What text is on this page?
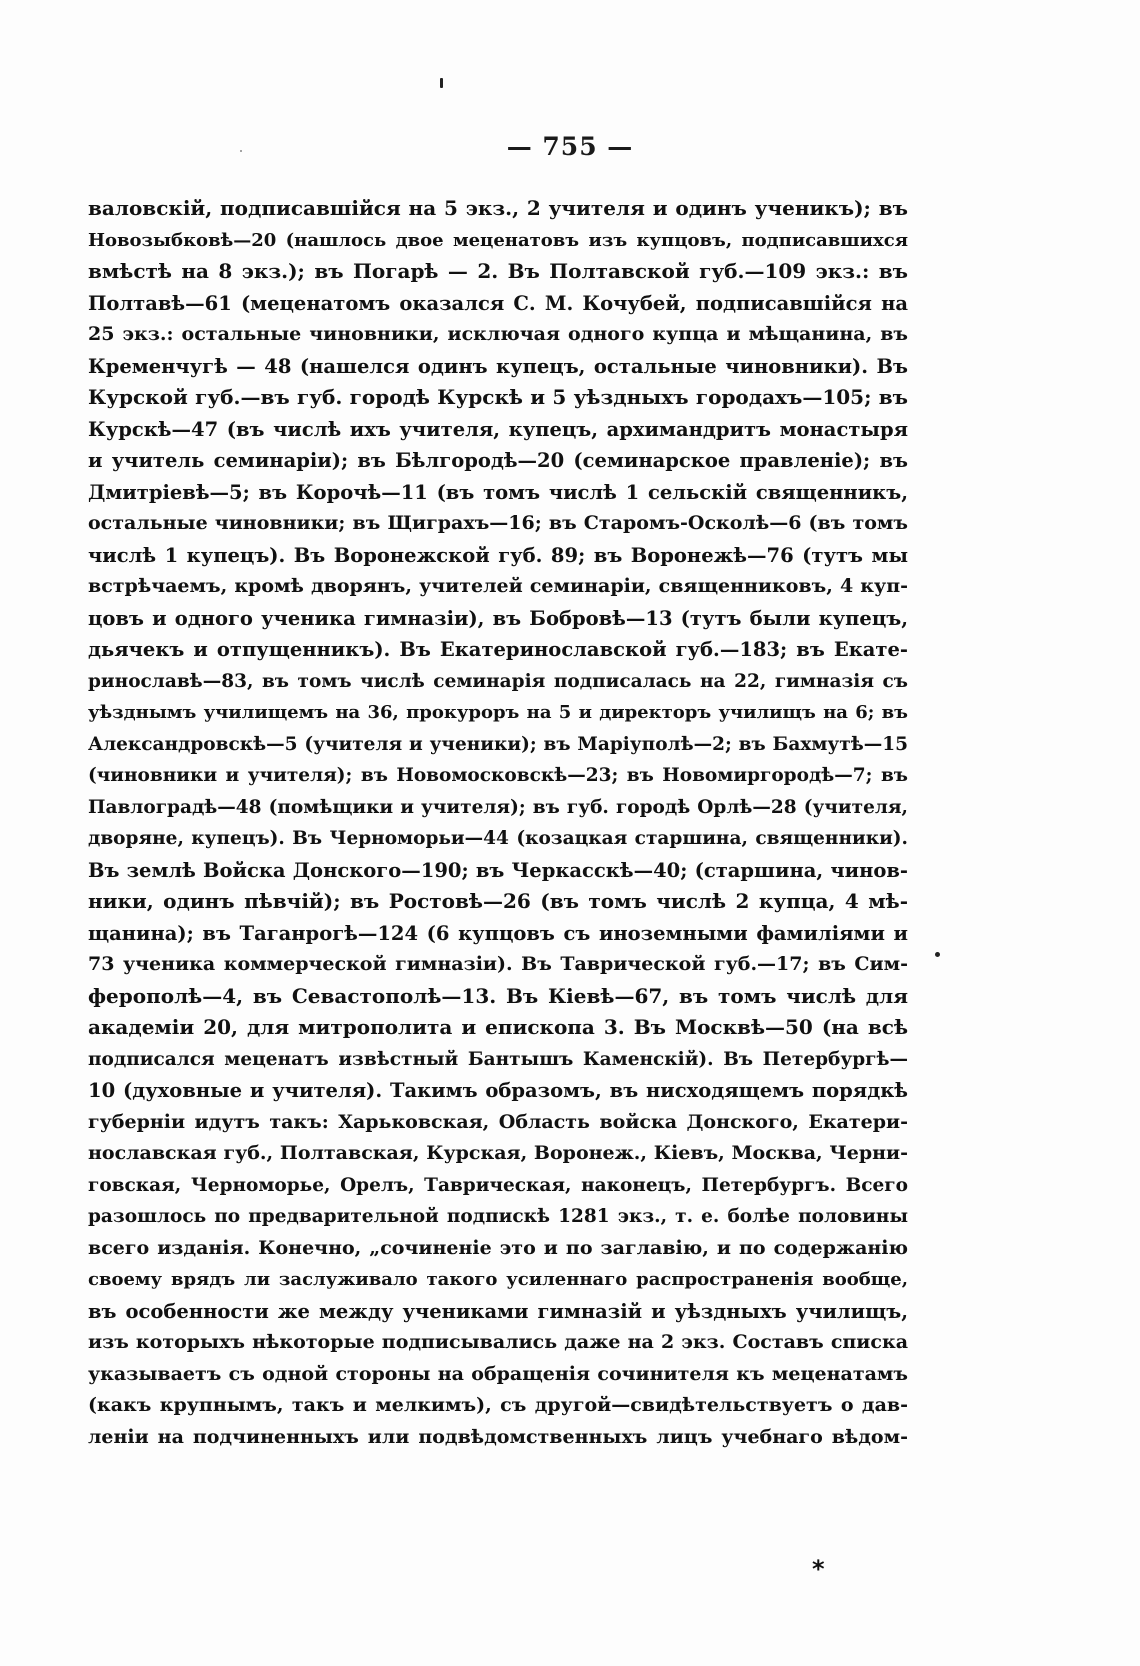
— 755 —
валовскій, подписавшійся на 5 экз., 2 учителя и одинъ ученикъ); въ
Новозыбковѣ—20 (нашлось двое меценатовъ изъ купцовъ, подписавшихся
вмѣстѣ на 8 экз.); въ Погарѣ — 2. Въ Полтавской губ.—109 экз.: въ
Полтавѣ—61 (меценатомъ оказался С. М. Кочубей, подписавшійся на
25 экз.: остальные чиновники, исключая одного купца и мѣщанина, въ
Кременчугѣ — 48 (нашелся одинъ купецъ, остальные чиновники). Въ
Курской губ.—въ губ. городѣ Курскѣ и 5 уѣздныхъ городахъ—105; въ
Курскѣ—47 (въ числѣ ихъ учителя, купецъ, архимандритъ монастыря
и учитель семинаріи); въ Бѣлгородѣ—20 (семинарское правленіе); въ
Дмитріевѣ—5; въ Корочѣ—11 (въ томъ числѣ 1 сельскій священникъ,
остальные чиновники; въ Щиграхъ—16; въ Старомъ-Осколѣ—6 (въ томъ
числѣ 1 купецъ). Въ Воронежской губ. 89; въ Воронежѣ—76 (тутъ мы
встрѣчаемъ, кромѣ дворянъ, учителей семинаріи, священниковъ, 4 куп-
цовъ и одного ученика гимназіи), въ Бобровѣ—13 (тутъ были купецъ,
дьячекъ и отпущенникъ). Въ Екатеринославской губ.—183; въ Екате-
ринославѣ—83, въ томъ числѣ семинарія подписалась на 22, гимназія съ
уѣзднымъ училищемъ на 36, прокуроръ на 5 и директоръ училищъ на 6; въ
Александровскѣ—5 (учителя и ученики); въ Маріуполѣ—2; въ Бахмутѣ—15
(чиновники и учителя); въ Новомосковскѣ—23; въ Новомиргородѣ—7; въ
Павлоградѣ—48 (помѣщики и учителя); въ губ. городѣ Орлѣ—28 (учителя,
дворяне, купецъ). Въ Черноморьи—44 (козацкая старшина, священники).
Въ землѣ Войска Донского—190; въ Черкасскѣ—40; (старшина, чинов-
ники, одинъ пѣвчій); въ Ростовѣ—26 (въ томъ числѣ 2 купца, 4 мѣ-
щанина); въ Таганрогѣ—124 (6 купцовъ съ иноземными фамиліями и
73 ученика коммерческой гимназіи). Въ Таврической губ.—17; въ Сим-
ферополѣ—4, въ Севастополѣ—13. Въ Кіевѣ—67, въ томъ числѣ для
академіи 20, для митрополита и епископа 3. Въ Москвѣ—50 (на всѣ
подписался меценатъ извѣстный Бантышъ Каменскій). Въ Петербургѣ—
10 (духовные и учителя). Такимъ образомъ, въ нисходящемъ порядкѣ
губерніи идутъ такъ: Харьковская, Область войска Донского, Екатери-
нославская губ., Полтавская, Курская, Воронеж., Кіевъ, Москва, Черни-
говская, Черноморье, Орелъ, Таврическая, наконецъ, Петербургъ. Всего
разошлось по предварительной подпискѣ 1281 экз., т. е. болѣе половины
всего изданія. Конечно, „сочиненіе это и по заглавію, и по содержанію
своему врядъ ли заслуживало такого усиленнаго распространенія вообще,
въ особенности же между учениками гимназій и уѣздныхъ училищъ,
изъ которыхъ нѣкоторые подписывались даже на 2 экз. Составъ списка
указываетъ съ одной стороны на обращенія сочинителя къ меценатамъ
(какъ крупнымъ, такъ и мелкимъ), съ другой—свидѣтельствуетъ о дав-
леніи на подчиненныхъ или подвѣдомственныхъ лицъ учебнаго вѣдом-
*
